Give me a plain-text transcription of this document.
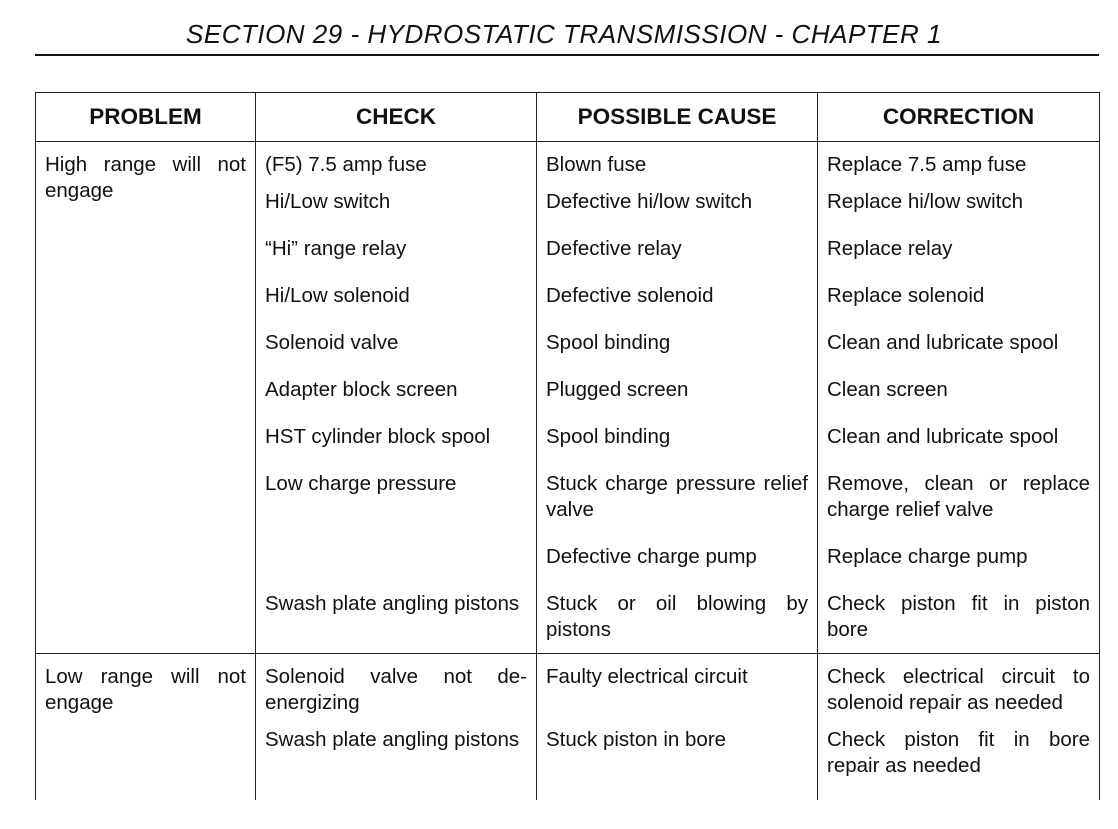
SECTION 29 - HYDROSTATIC TRANSMISSION - CHAPTER 1
PROBLEM	CHECK	POSSIBLE CAUSE	CORRECTION

High range will not engage	(F5) 7.5 amp fuse	Blown fuse	Replace 7.5 amp fuse

	Hi/Low switch	Defective hi/low switch	Replace hi/low switch

	“Hi” range relay	Defective relay	Replace relay

	Hi/Low solenoid	Defective solenoid	Replace solenoid

	Solenoid valve	Spool binding	Clean and lubricate spool

	Adapter block screen	Plugged screen	Clean screen

	HST cylinder block spool	Spool binding	Clean and lubricate spool

	Low charge pressure	Stuck charge pressure relief valve	Remove, clean or replace charge relief valve

		Defective charge pump	Replace charge pump

	Swash plate angling pistons	Stuck or oil blowing by pistons	Check piston fit in piston bore

Low range will not engage	Solenoid valve not de-energizing	Faulty electrical circuit	Check electrical circuit to solenoid repair as needed

	Swash plate angling pistons	Stuck piston in bore	Check piston fit in bore repair as needed
